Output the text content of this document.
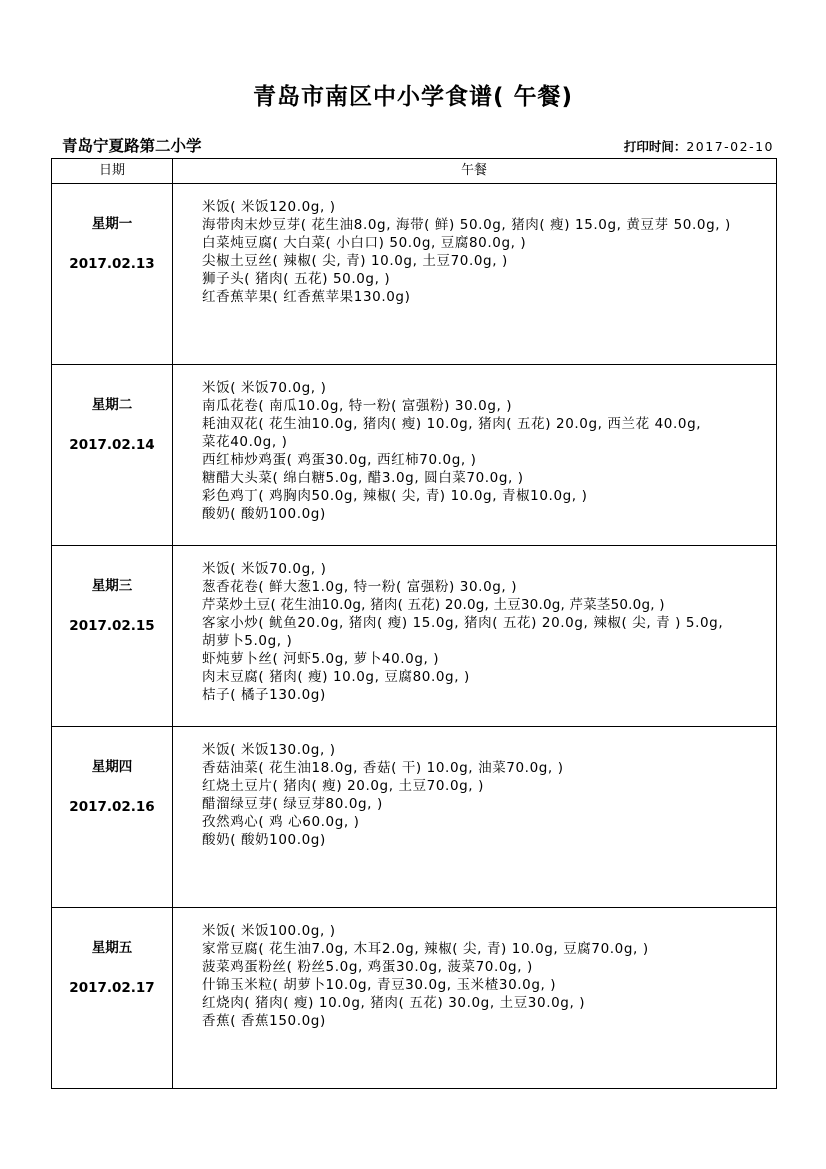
青岛市南区中小学食谱( 午餐)
青岛宁夏路第二小学	打印时间：2017-02-10
日期	午餐
星期一
2017.02.13
米饭( 米饭120.0g, )
海带肉末炒豆芽( 花生油8.0g, 海带( 鲜) 50.0g, 猪肉( 瘦) 15.0g, 黄豆芽 50.0g, )
白菜炖豆腐( 大白菜( 小白口) 50.0g, 豆腐80.0g, )
尖椒土豆丝( 辣椒( 尖, 青) 10.0g, 土豆70.0g, )
狮子头( 猪肉( 五花) 50.0g, )
红香蕉苹果( 红香蕉苹果130.0g)
星期二
2017.02.14
米饭( 米饭70.0g, )
南瓜花卷( 南瓜10.0g, 特一粉( 富强粉) 30.0g, )
耗油双花( 花生油10.0g, 猪肉( 瘦) 10.0g, 猪肉( 五花) 20.0g, 西兰花 40.0g, 菜花40.0g, )
西红柿炒鸡蛋( 鸡蛋30.0g, 西红柿70.0g, )
糖醋大头菜( 绵白糖5.0g, 醋3.0g, 圆白菜70.0g, )
彩色鸡丁( 鸡胸肉50.0g, 辣椒( 尖, 青) 10.0g, 青椒10.0g, )
酸奶( 酸奶100.0g)
星期三
2017.02.15
米饭( 米饭70.0g, )
葱香花卷( 鲜大葱1.0g, 特一粉( 富强粉) 30.0g, )
芹菜炒土豆( 花生油10.0g, 猪肉( 五花) 20.0g, 土豆30.0g, 芹菜茎50.0g, )
客家小炒( 鱿鱼20.0g, 猪肉( 瘦) 15.0g, 猪肉( 五花) 20.0g, 辣椒( 尖, 青 ) 5.0g, 胡萝卜5.0g, )
虾炖萝卜丝( 河虾5.0g, 萝卜40.0g, )
肉末豆腐( 猪肉( 瘦) 10.0g, 豆腐80.0g, )
桔子( 橘子130.0g)
星期四
2017.02.16
米饭( 米饭130.0g, )
香菇油菜( 花生油18.0g, 香菇( 干) 10.0g, 油菜70.0g, )
红烧土豆片( 猪肉( 瘦) 20.0g, 土豆70.0g, )
醋溜绿豆芽( 绿豆芽80.0g, )
孜然鸡心( 鸡 心60.0g, )
酸奶( 酸奶100.0g)
星期五
2017.02.17
米饭( 米饭100.0g, )
家常豆腐( 花生油7.0g, 木耳2.0g, 辣椒( 尖, 青) 10.0g, 豆腐70.0g, )
菠菜鸡蛋粉丝( 粉丝5.0g, 鸡蛋30.0g, 菠菜70.0g, )
什锦玉米粒( 胡萝卜10.0g, 青豆30.0g, 玉米楂30.0g, )
红烧肉( 猪肉( 瘦) 10.0g, 猪肉( 五花) 30.0g, 土豆30.0g, )
香蕉( 香蕉150.0g)
